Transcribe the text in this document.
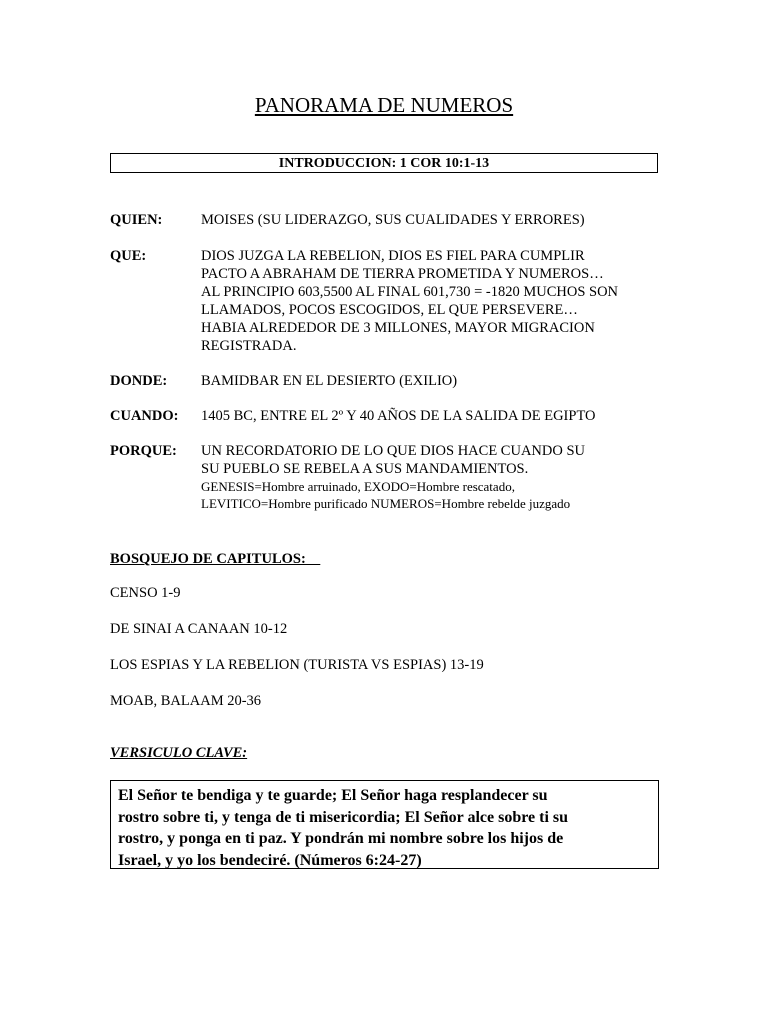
PANORAMA DE NUMEROS
INTRODUCCION: 1 COR 10:1-13
QUIEN:	MOISES (SU LIDERAZGO, SUS CUALIDADES Y ERRORES)
QUE:	DIOS JUZGA LA REBELION, DIOS ES FIEL PARA CUMPLIR
PACTO A ABRAHAM DE TIERRA PROMETIDA Y NUMEROS…
AL PRINCIPIO 603,5500 AL FINAL 601,730 = -1820 MUCHOS SON
LLAMADOS, POCOS ESCOGIDOS, EL QUE PERSEVERE…
HABIA ALREDEDOR DE 3 MILLONES, MAYOR MIGRACION
REGISTRADA.
DONDE: BAMIDBAR EN EL DESIERTO (EXILIO)
CUANDO: 1405 BC, ENTRE EL 2º Y 40 AÑOS DE LA SALIDA DE EGIPTO
PORQUE: UN RECORDATORIO DE LO QUE DIOS HACE CUANDO SU
SU PUEBLO SE REBELA A SUS MANDAMIENTOS.
GENESIS=Hombre arruinado, EXODO=Hombre rescatado,
LEVITICO=Hombre purificado NUMEROS=Hombre rebelde juzgado
BOSQUEJO DE CAPITULOS:
CENSO 1-9
DE SINAI A CANAAN 10-12
LOS ESPIAS Y LA REBELION (TURISTA VS ESPIAS) 13-19
MOAB, BALAAM 20-36
VERSICULO CLAVE:
El Señor te bendiga y te guarde; El Señor haga resplandecer su
rostro sobre ti, y tenga de ti misericordia; El Señor alce sobre ti su
rostro, y ponga en ti paz. Y pondrán mi nombre sobre los hijos de
Israel, y yo los bendeciré. (Números 6:24-27)
